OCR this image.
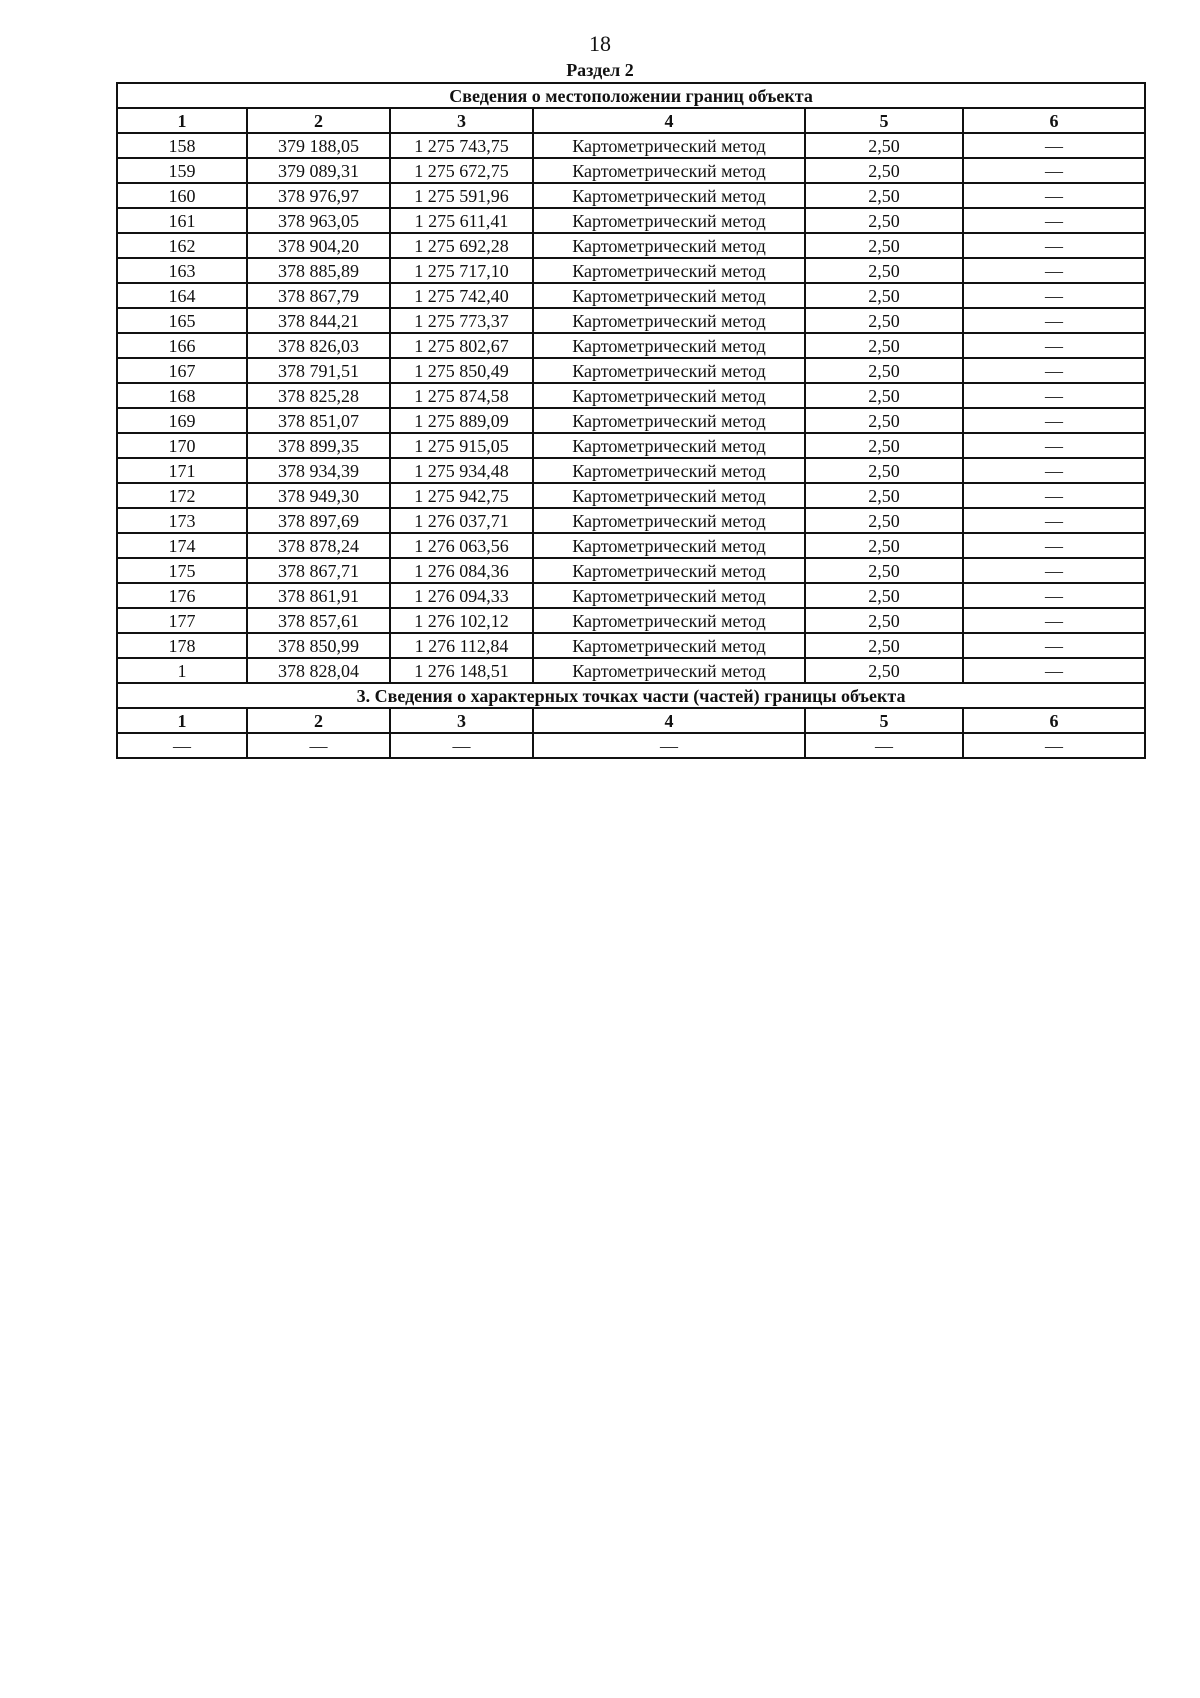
18
Раздел 2
Сведения о местоположении границ объекта					
1	2	3	4	5	6
158	379 188,05	1 275 743,75	Картометрический метод	2,50	—
159	379 089,31	1 275 672,75	Картометрический метод	2,50	—
160	378 976,97	1 275 591,96	Картометрический метод	2,50	—
161	378 963,05	1 275 611,41	Картометрический метод	2,50	—
162	378 904,20	1 275 692,28	Картометрический метод	2,50	—
163	378 885,89	1 275 717,10	Картометрический метод	2,50	—
164	378 867,79	1 275 742,40	Картометрический метод	2,50	—
165	378 844,21	1 275 773,37	Картометрический метод	2,50	—
166	378 826,03	1 275 802,67	Картометрический метод	2,50	—
167	378 791,51	1 275 850,49	Картометрический метод	2,50	—
168	378 825,28	1 275 874,58	Картометрический метод	2,50	—
169	378 851,07	1 275 889,09	Картометрический метод	2,50	—
170	378 899,35	1 275 915,05	Картометрический метод	2,50	—
171	378 934,39	1 275 934,48	Картометрический метод	2,50	—
172	378 949,30	1 275 942,75	Картометрический метод	2,50	—
173	378 897,69	1 276 037,71	Картометрический метод	2,50	—
174	378 878,24	1 276 063,56	Картометрический метод	2,50	—
175	378 867,71	1 276 084,36	Картометрический метод	2,50	—
176	378 861,91	1 276 094,33	Картометрический метод	2,50	—
177	378 857,61	1 276 102,12	Картометрический метод	2,50	—
178	378 850,99	1 276 112,84	Картометрический метод	2,50	—
1	378 828,04	1 276 148,51	Картометрический метод	2,50	—
3. Сведения о характерных точках части (частей) границы объекта					
1	2	3	4	5	6
—	—	—	—	—	—
